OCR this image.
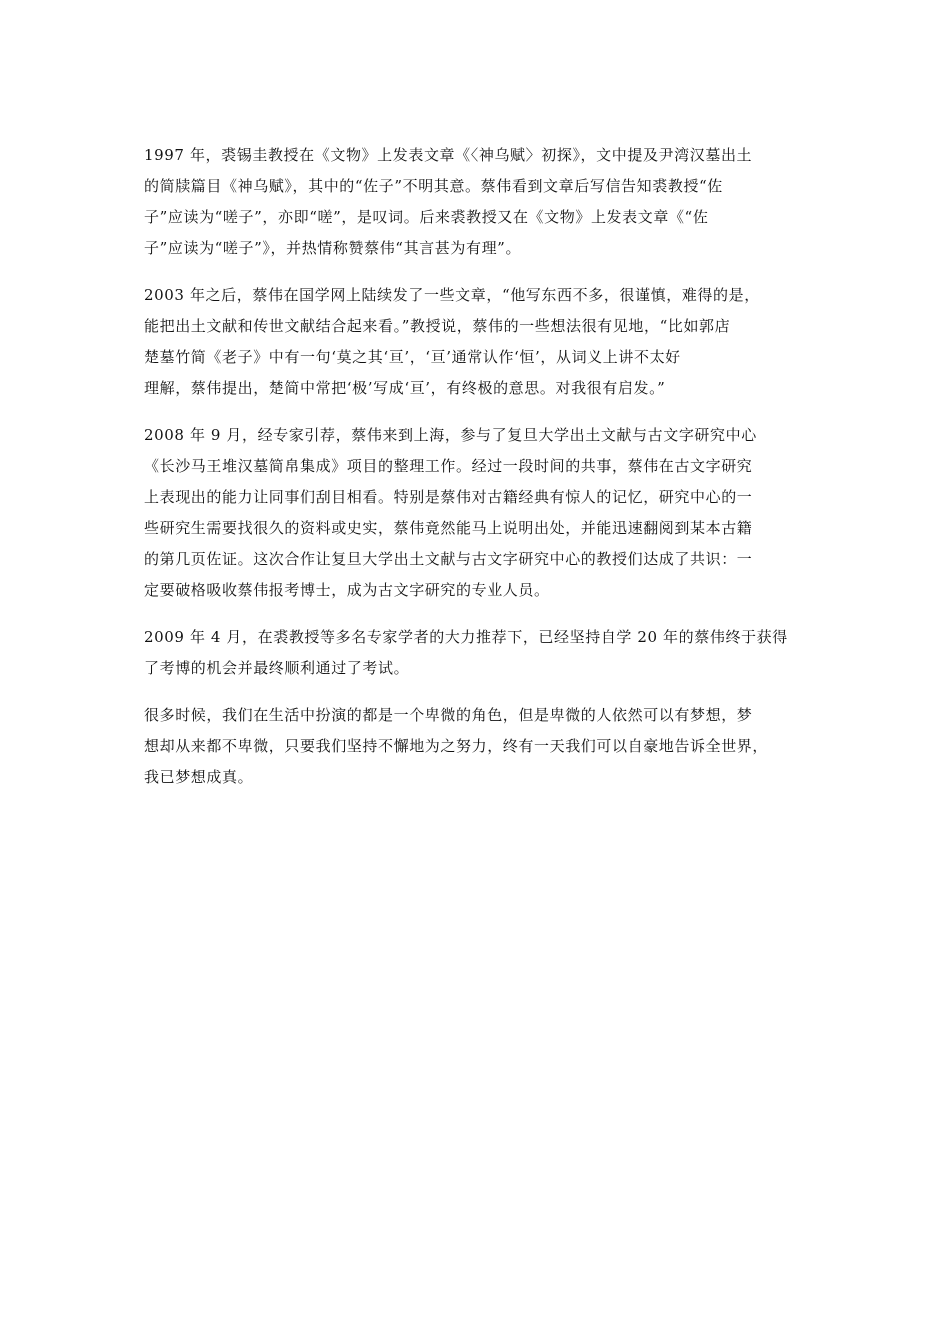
1997 年，裘锡圭教授在《文物》上发表文章《〈神乌赋〉初探》，文中提及尹湾汉墓出土
的简牍篇目《神乌赋》，其中的“佐子”不明其意。蔡伟看到文章后写信告知裘教授“佐
子”应读为“嗟子”，亦即“嗟”，是叹词。后来裘教授又在《文物》上发表文章《“佐
子”应读为“嗟子”》，并热情称赞蔡伟“其言甚为有理”。

2003 年之后，蔡伟在国学网上陆续发了一些文章，“他写东西不多，很谨慎，难得的是，
能把出土文献和传世文献结合起来看。”教授说，蔡伟的一些想法很有见地，“比如郭店
楚墓竹简《老子》中有一句‘莫之其‘亘’，‘亘’通常认作‘恒’，从词义上讲不太好
理解，蔡伟提出，楚简中常把‘极’写成‘亘’，有终极的意思。对我很有启发。”

2008 年 9 月，经专家引荐，蔡伟来到上海，参与了复旦大学出土文献与古文字研究中心
《长沙马王堆汉墓简帛集成》项目的整理工作。经过一段时间的共事，蔡伟在古文字研究
上表现出的能力让同事们刮目相看。特别是蔡伟对古籍经典有惊人的记忆，研究中心的一
些研究生需要找很久的资料或史实，蔡伟竟然能马上说明出处，并能迅速翻阅到某本古籍
的第几页佐证。这次合作让复旦大学出土文献与古文字研究中心的教授们达成了共识：一
定要破格吸收蔡伟报考博士，成为古文字研究的专业人员。

2009 年 4 月，在裘教授等多名专家学者的大力推荐下，已经坚持自学 20 年的蔡伟终于获得
了考博的机会并最终顺利通过了考试。

很多时候，我们在生活中扮演的都是一个卑微的角色，但是卑微的人依然可以有梦想，梦
想却从来都不卑微，只要我们坚持不懈地为之努力，终有一天我们可以自豪地告诉全世界，
我已梦想成真。
